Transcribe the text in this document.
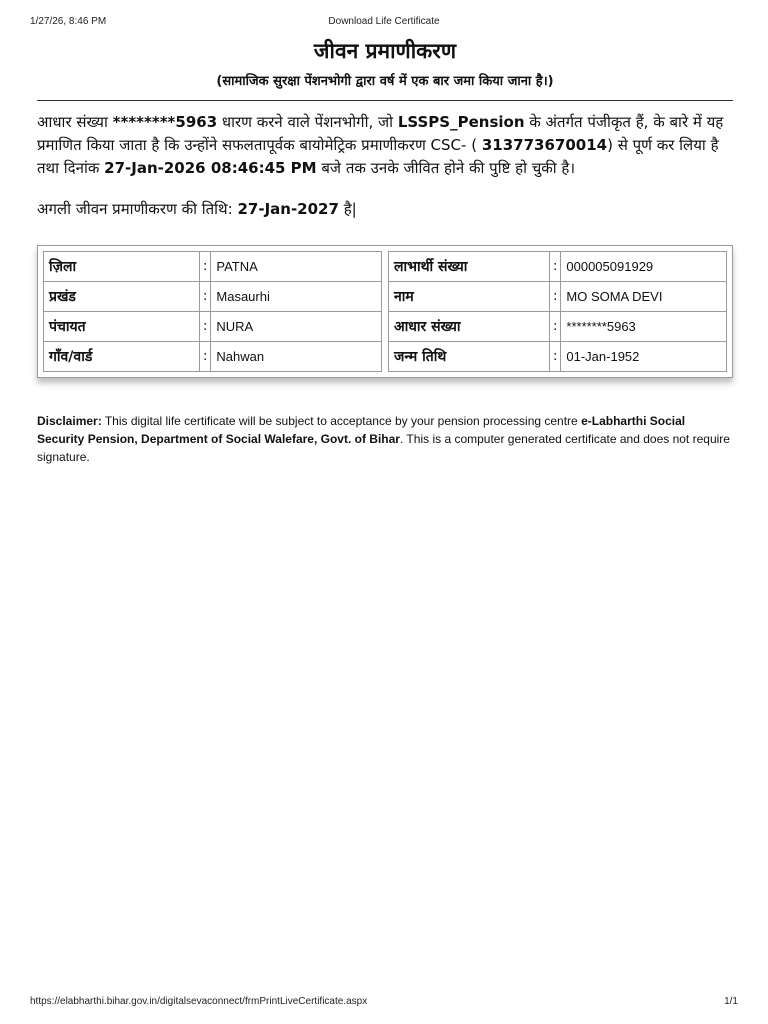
1/27/26, 8:46 PM	Download Life Certificate
जीवन प्रमाणीकरण
(सामाजिक सुरक्षा पेंशनभोगी द्वारा वर्ष में एक बार जमा किया जाना है।)
आधार संख्या ********5963 धारण करने वाले पेंशनभोगी, जो LSSPS_Pension के अंतर्गत पंजीकृत हैं, के बारे में यह प्रमाणित किया जाता है कि उन्होंने सफलतापूर्वक बायोमेट्रिक प्रमाणीकरण CSC- ( 313773670014) से पूर्ण कर लिया है तथा दिनांक 27-Jan-2026 08:46:45 PM बजे तक उनके जीवित होने की पुष्टि हो चुकी है।
अगली जीवन प्रमाणीकरण की तिथि: 27-Jan-2027 है|
ज़िला	:	PATNA
प्रखंड	:	Masaurhi
पंचायत	:	NURA
गाँव/वार्ड	:	Nahwan
लाभार्थी संख्या	:	000005091929
नाम	:	MO SOMA DEVI
आधार संख्या	:	********5963
जन्म तिथि	:	01-Jan-1952
Disclaimer: This digital life certificate will be subject to acceptance by your pension processing centre e-Labharthi Social Security Pension, Department of Social Walefare, Govt. of Bihar. This is a computer generated certificate and does not require signature.
https://elabharthi.bihar.gov.in/digitalsevaconnect/frmPrintLiveCertificate.aspx	1/1
